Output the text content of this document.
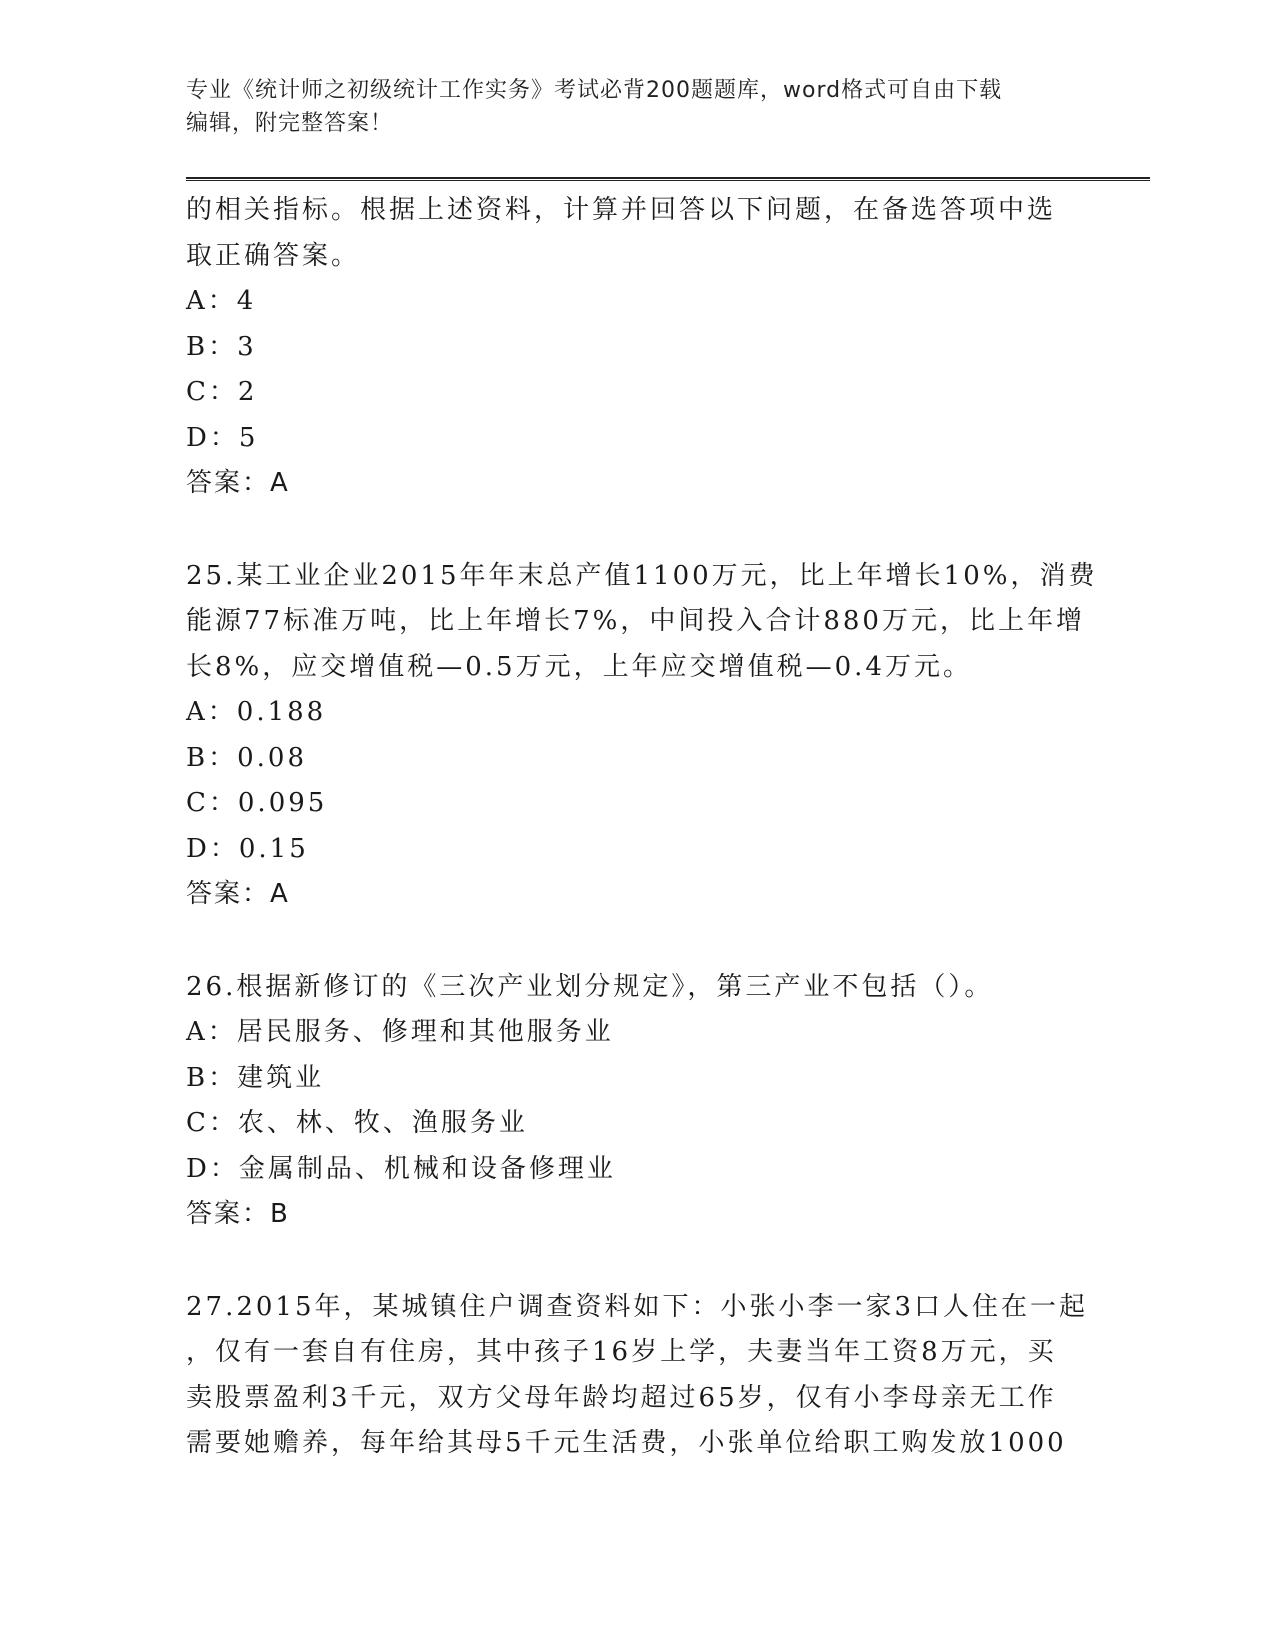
专业《统计师之初级统计工作实务》考试必背200题题库，word格式可自由下载
编辑，附完整答案！
的相关指标。根据上述资料，计算并回答以下问题，在备选答项中选
取正确答案。
A：4
B：3
C：2
D：5
答案：A
25.某工业企业2015年年末总产值1100万元，比上年增长10%，消费
能源77标准万吨，比上年增长7%，中间投入合计880万元，比上年增
长8%，应交增值税—0.5万元，上年应交增值税—0.4万元。
A：0.188
B：0.08
C：0.095
D：0.15
答案：A
26.根据新修订的《三次产业划分规定》，第三产业不包括（）。
A：居民服务、修理和其他服务业
B：建筑业
C：农、林、牧、渔服务业
D：金属制品、机械和设备修理业
答案：B
27.2015年，某城镇住户调查资料如下：小张小李一家3口人住在一起
，仅有一套自有住房，其中孩子16岁上学，夫妻当年工资8万元，买
卖股票盈利3千元，双方父母年龄均超过65岁，仅有小李母亲无工作
需要她赡养，每年给其母5千元生活费，小张单位给职工购发放1000
